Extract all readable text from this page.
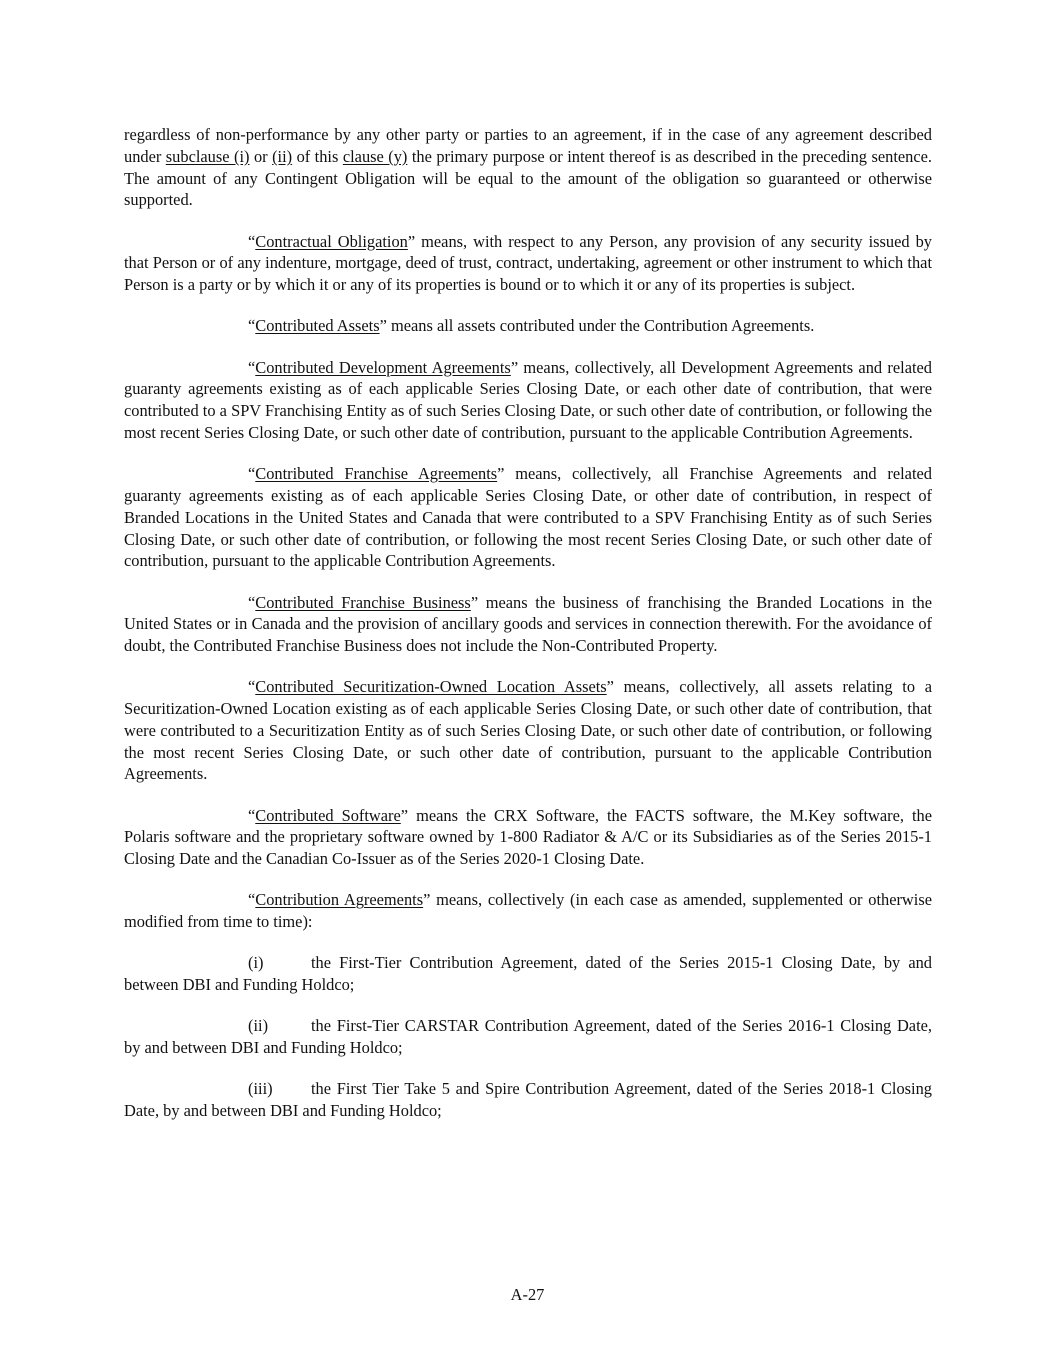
regardless of non-performance by any other party or parties to an agreement, if in the case of any agreement described under subclause (i) or (ii) of this clause (y) the primary purpose or intent thereof is as described in the preceding sentence. The amount of any Contingent Obligation will be equal to the amount of the obligation so guaranteed or otherwise supported.

“Contractual Obligation” means, with respect to any Person, any provision of any security issued by that Person or of any indenture, mortgage, deed of trust, contract, undertaking, agreement or other instrument to which that Person is a party or by which it or any of its properties is bound or to which it or any of its properties is subject.

“Contributed Assets” means all assets contributed under the Contribution Agreements.

“Contributed Development Agreements” means, collectively, all Development Agreements and related guaranty agreements existing as of each applicable Series Closing Date, or each other date of contribution, that were contributed to a SPV Franchising Entity as of such Series Closing Date, or such other date of contribution, or following the most recent Series Closing Date, or such other date of contribution, pursuant to the applicable Contribution Agreements.

“Contributed Franchise Agreements” means, collectively, all Franchise Agreements and related guaranty agreements existing as of each applicable Series Closing Date, or other date of contribution, in respect of Branded Locations in the United States and Canada that were contributed to a SPV Franchising Entity as of such Series Closing Date, or such other date of contribution, or following the most recent Series Closing Date, or such other date of contribution, pursuant to the applicable Contribution Agreements.

“Contributed Franchise Business” means the business of franchising the Branded Locations in the United States or in Canada and the provision of ancillary goods and services in connection therewith. For the avoidance of doubt, the Contributed Franchise Business does not include the Non-Contributed Property.

“Contributed Securitization-Owned Location Assets” means, collectively, all assets relating to a Securitization-Owned Location existing as of each applicable Series Closing Date, or such other date of contribution, that were contributed to a Securitization Entity as of such Series Closing Date, or such other date of contribution, or following the most recent Series Closing Date, or such other date of contribution, pursuant to the applicable Contribution Agreements.

“Contributed Software” means the CRX Software, the FACTS software, the M.Key software, the Polaris software and the proprietary software owned by 1-800 Radiator & A/C or its Subsidiaries as of the Series 2015-1 Closing Date and the Canadian Co-Issuer as of the Series 2020-1 Closing Date.

“Contribution Agreements” means, collectively (in each case as amended, supplemented or otherwise modified from time to time):

(i)	the First-Tier Contribution Agreement, dated of the Series 2015-1 Closing Date, by and between DBI and Funding Holdco;

(ii)	the First-Tier CARSTAR Contribution Agreement, dated of the Series 2016-1 Closing Date, by and between DBI and Funding Holdco;

(iii) the First Tier Take 5 and Spire Contribution Agreement, dated of the Series 2018-1 Closing Date, by and between DBI and Funding Holdco;

A-27
